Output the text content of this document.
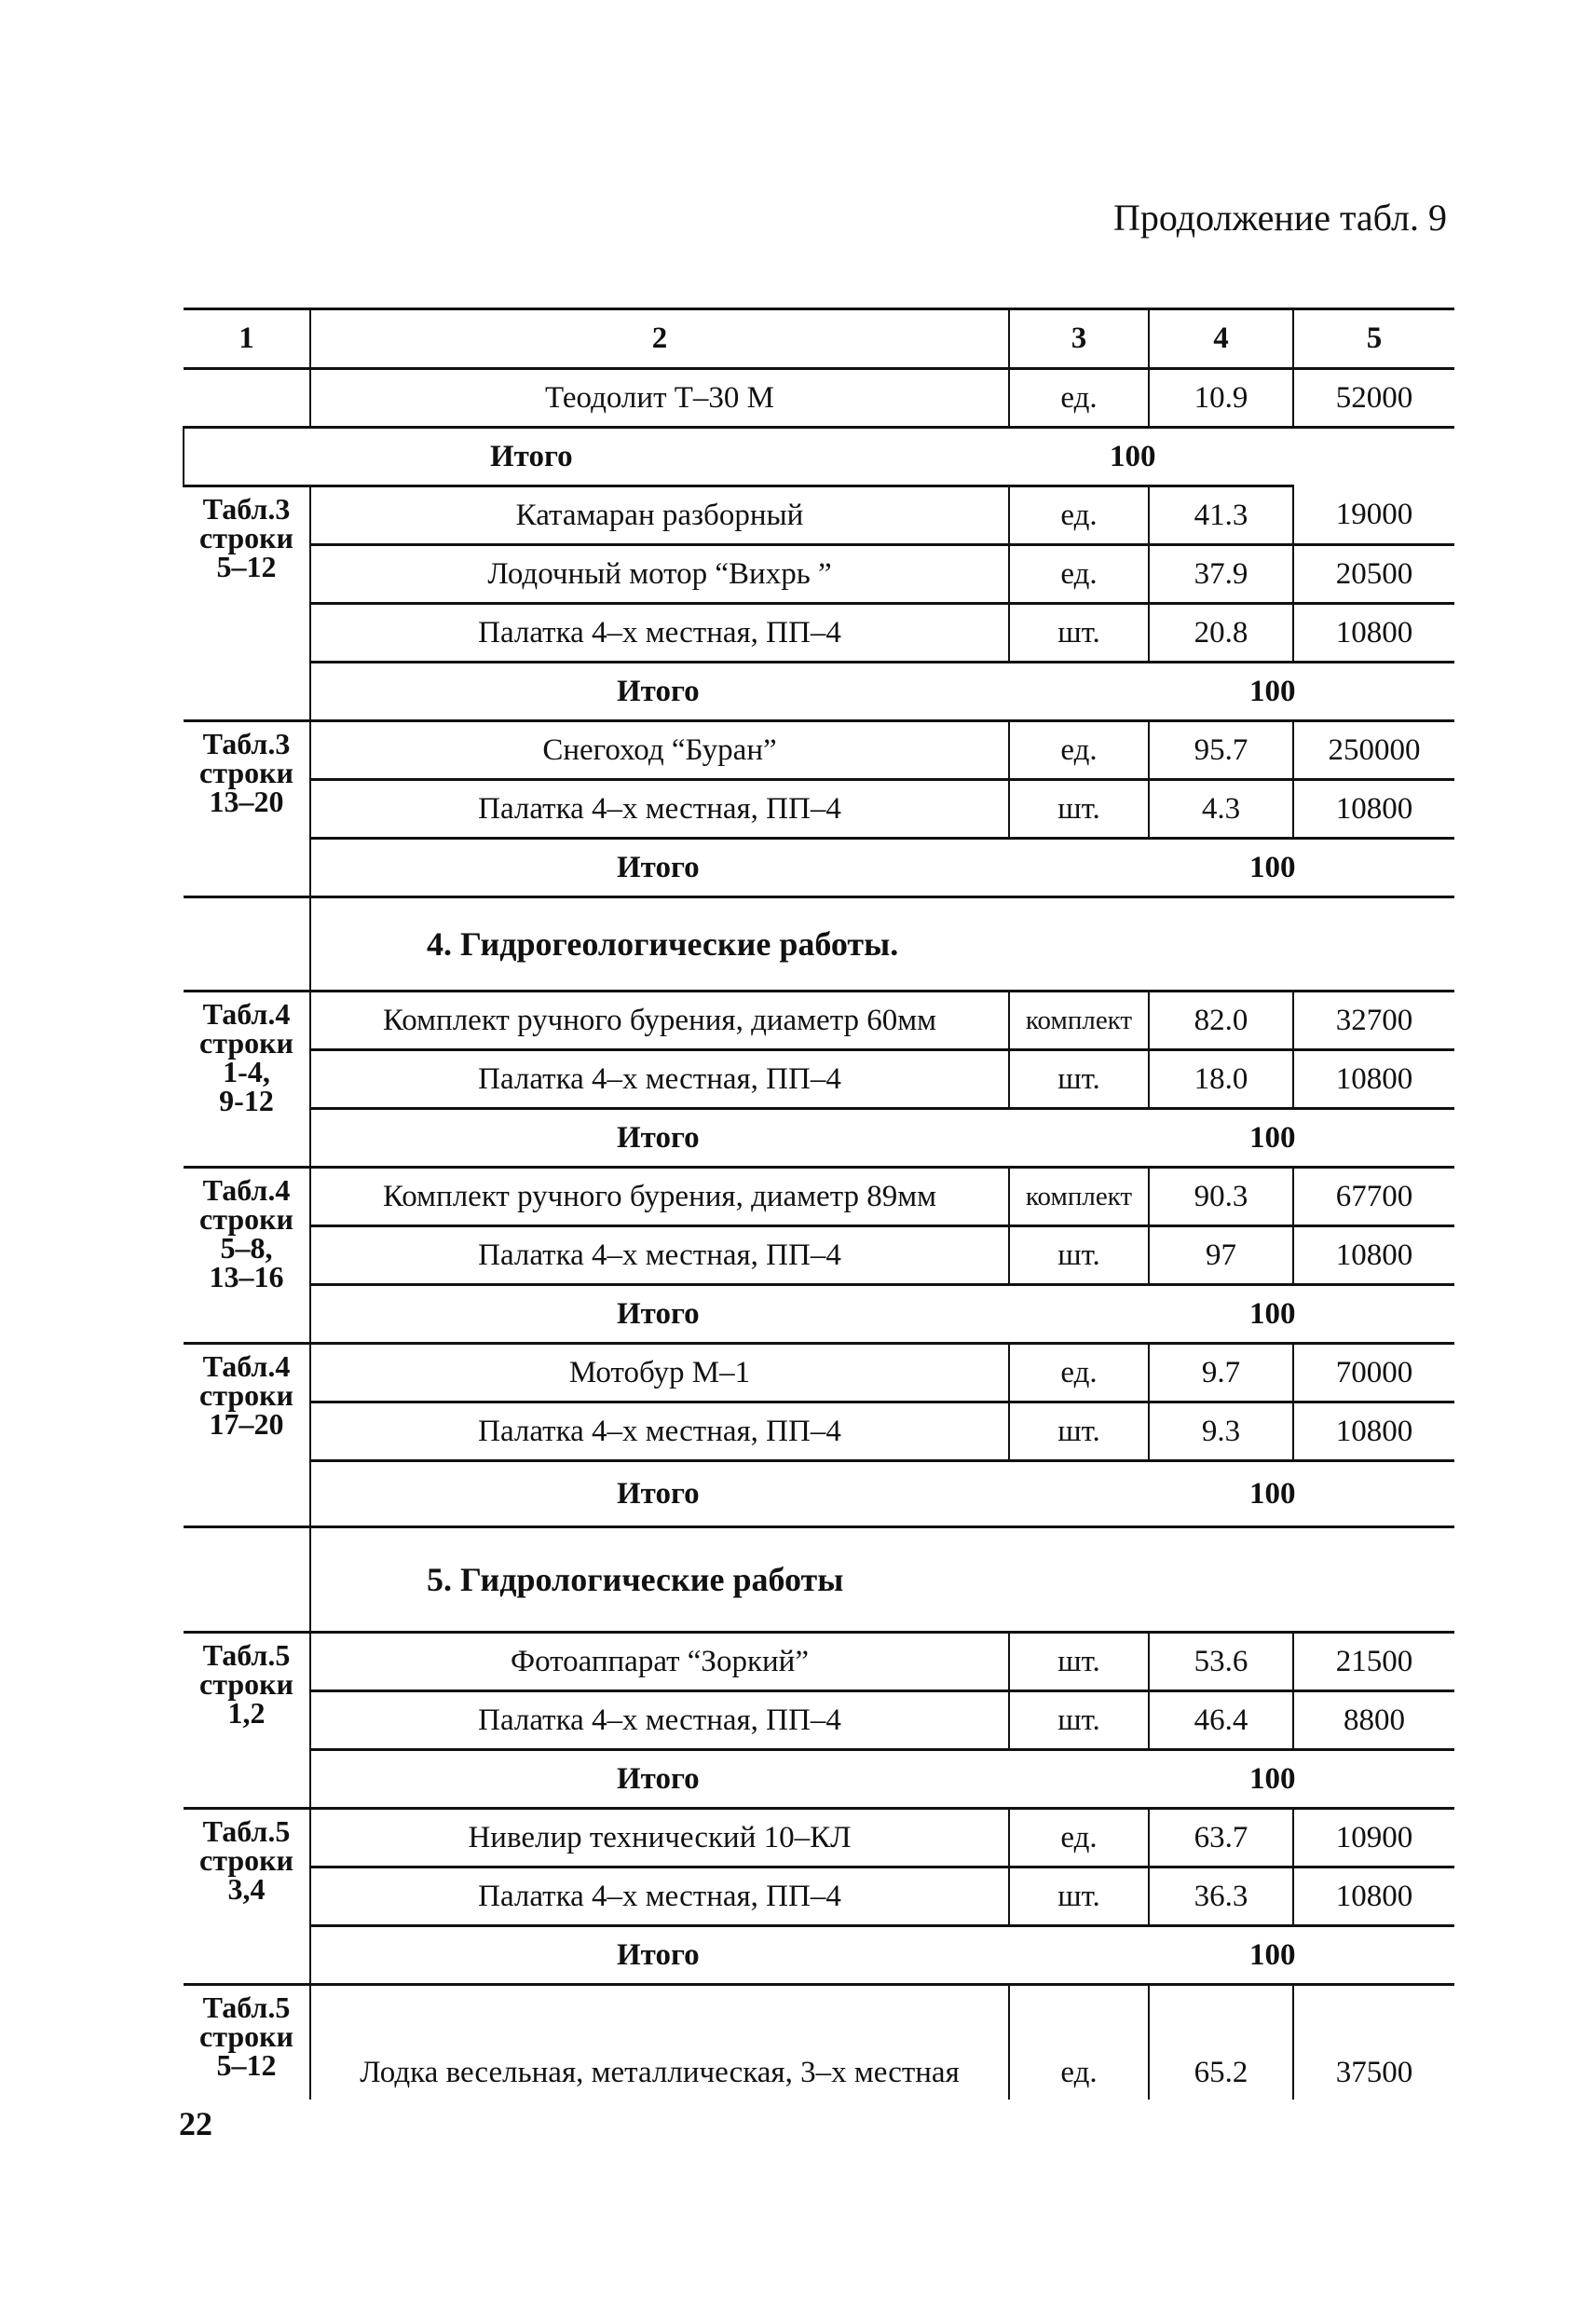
Продолжение табл. 9
1	2	3	4	5
	Теодолит Т–30 М	ед.	10.9	52000
Итого		100		
Табл.3
строки
5–12	Катамаран разборный	ед.	41.3	19000
	Лодочный мотор “Вихрь ”	ед.	37.9	20500
	Палатка 4–х местная, ПП–4	шт.	20.8	10800
	Итого		100	
Табл.3
строки
13–20	Снегоход “Буран”	ед.	95.7	250000
	Палатка 4–х местная, ПП–4	шт.	4.3	10800
	Итого		100	
	4. Гидрогеологические работы.			
Табл.4
строки
1-4,
9-12	Комплект ручного бурения, диаметр 60мм	комплект	82.0	32700
	Палатка 4–х местная, ПП–4	шт.	18.0	10800
	Итого		100	
Табл.4
строки
5–8,
13–16	Комплект ручного бурения, диаметр 89мм	комплект	90.3	67700
	Палатка 4–х местная, ПП–4	шт.	97	10800
	Итого		100	
Табл.4
строки
17–20	Мотобур М–1	ед.	9.7	70000
	Палатка 4–х местная, ПП–4	шт.	9.3	10800
	Итого		100	
	5. Гидрологические работы			
Табл.5
строки
1,2	Фотоаппарат “Зоркий”	шт.	53.6	21500
	Палатка 4–х местная, ПП–4	шт.	46.4	8800
	Итого		100	
Табл.5
строки
3,4	Нивелир технический 10–КЛ	ед.	63.7	10900
	Палатка 4–х местная, ПП–4	шт.	36.3	10800
	Итого		100	
Табл.5
строки
5–12	Лодка весельная, металлическая, 3–х местная	ед.	65.2	37500
22
